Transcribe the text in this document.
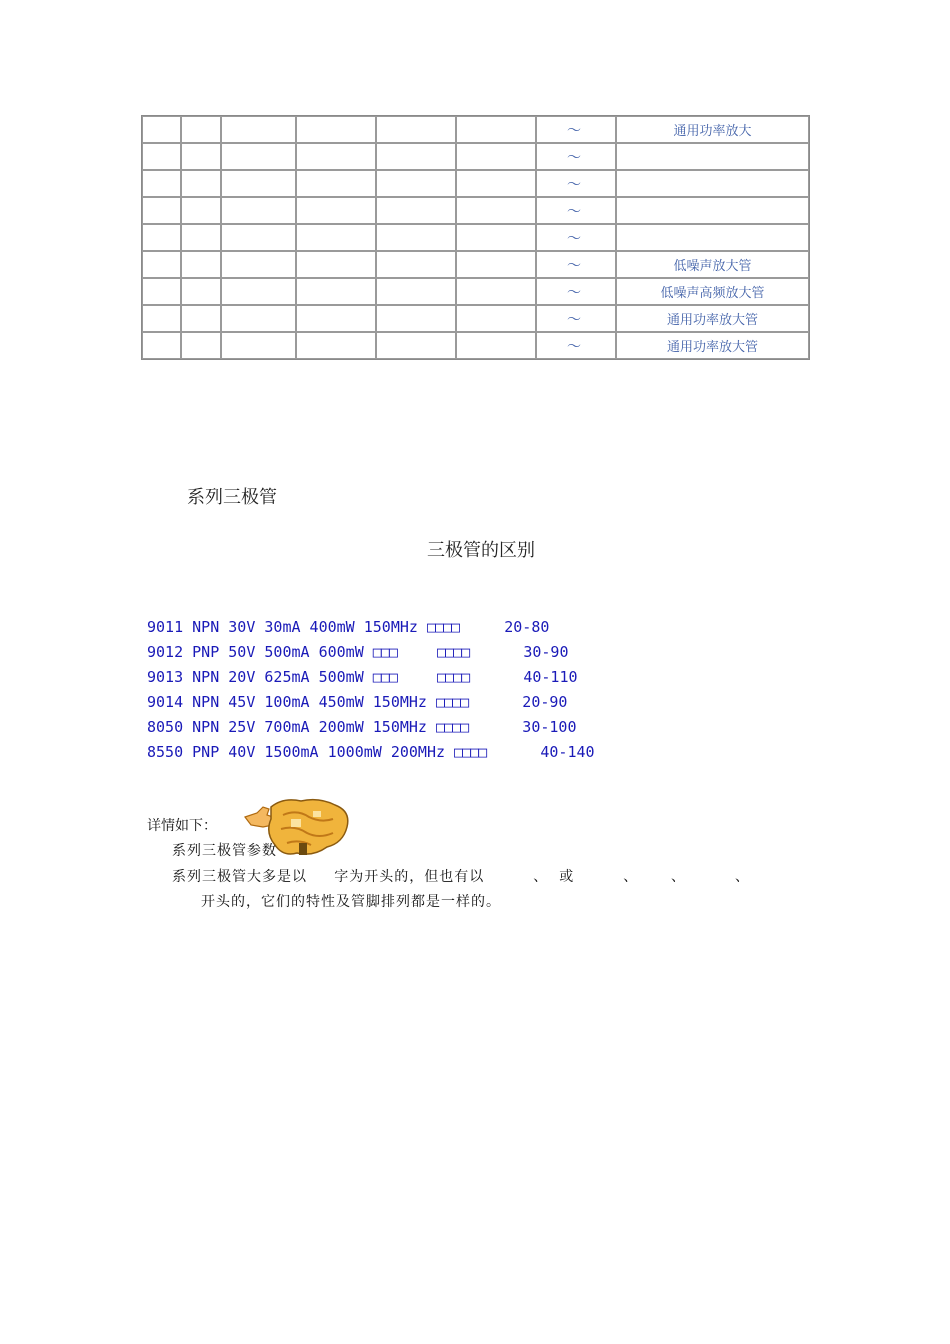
						～	通用功率放大
						～	
						～	
						～	
						～	
						～	低噪声放大管
						～	低噪声高频放大管
						～	通用功率放大管
						～	通用功率放大管
系列三极管
三极管的区别
9011 NPN 30V 30mA 400mW 150MHz □□□□     20-80
9012 PNP 50V 500mA 600mW □□□     □□□□      30-90
9013 NPN 20V 625mA 500mW □□□     □□□□      40-110
9014 NPN 45V 100mA 450mW 150MHz □□□□      20-90
8050 NPN 25V 700mA 200mW 150MHz □□□□      30-100
8550 PNP 40V 1500mA 1000mW 200MHz □□□□      40-140
详情如下：
系列三极管参数
系列三极管大多是以     字为开头的，但也有以         、  或         、      、         、
开头的，它们的特性及管脚排列都是一样的。
